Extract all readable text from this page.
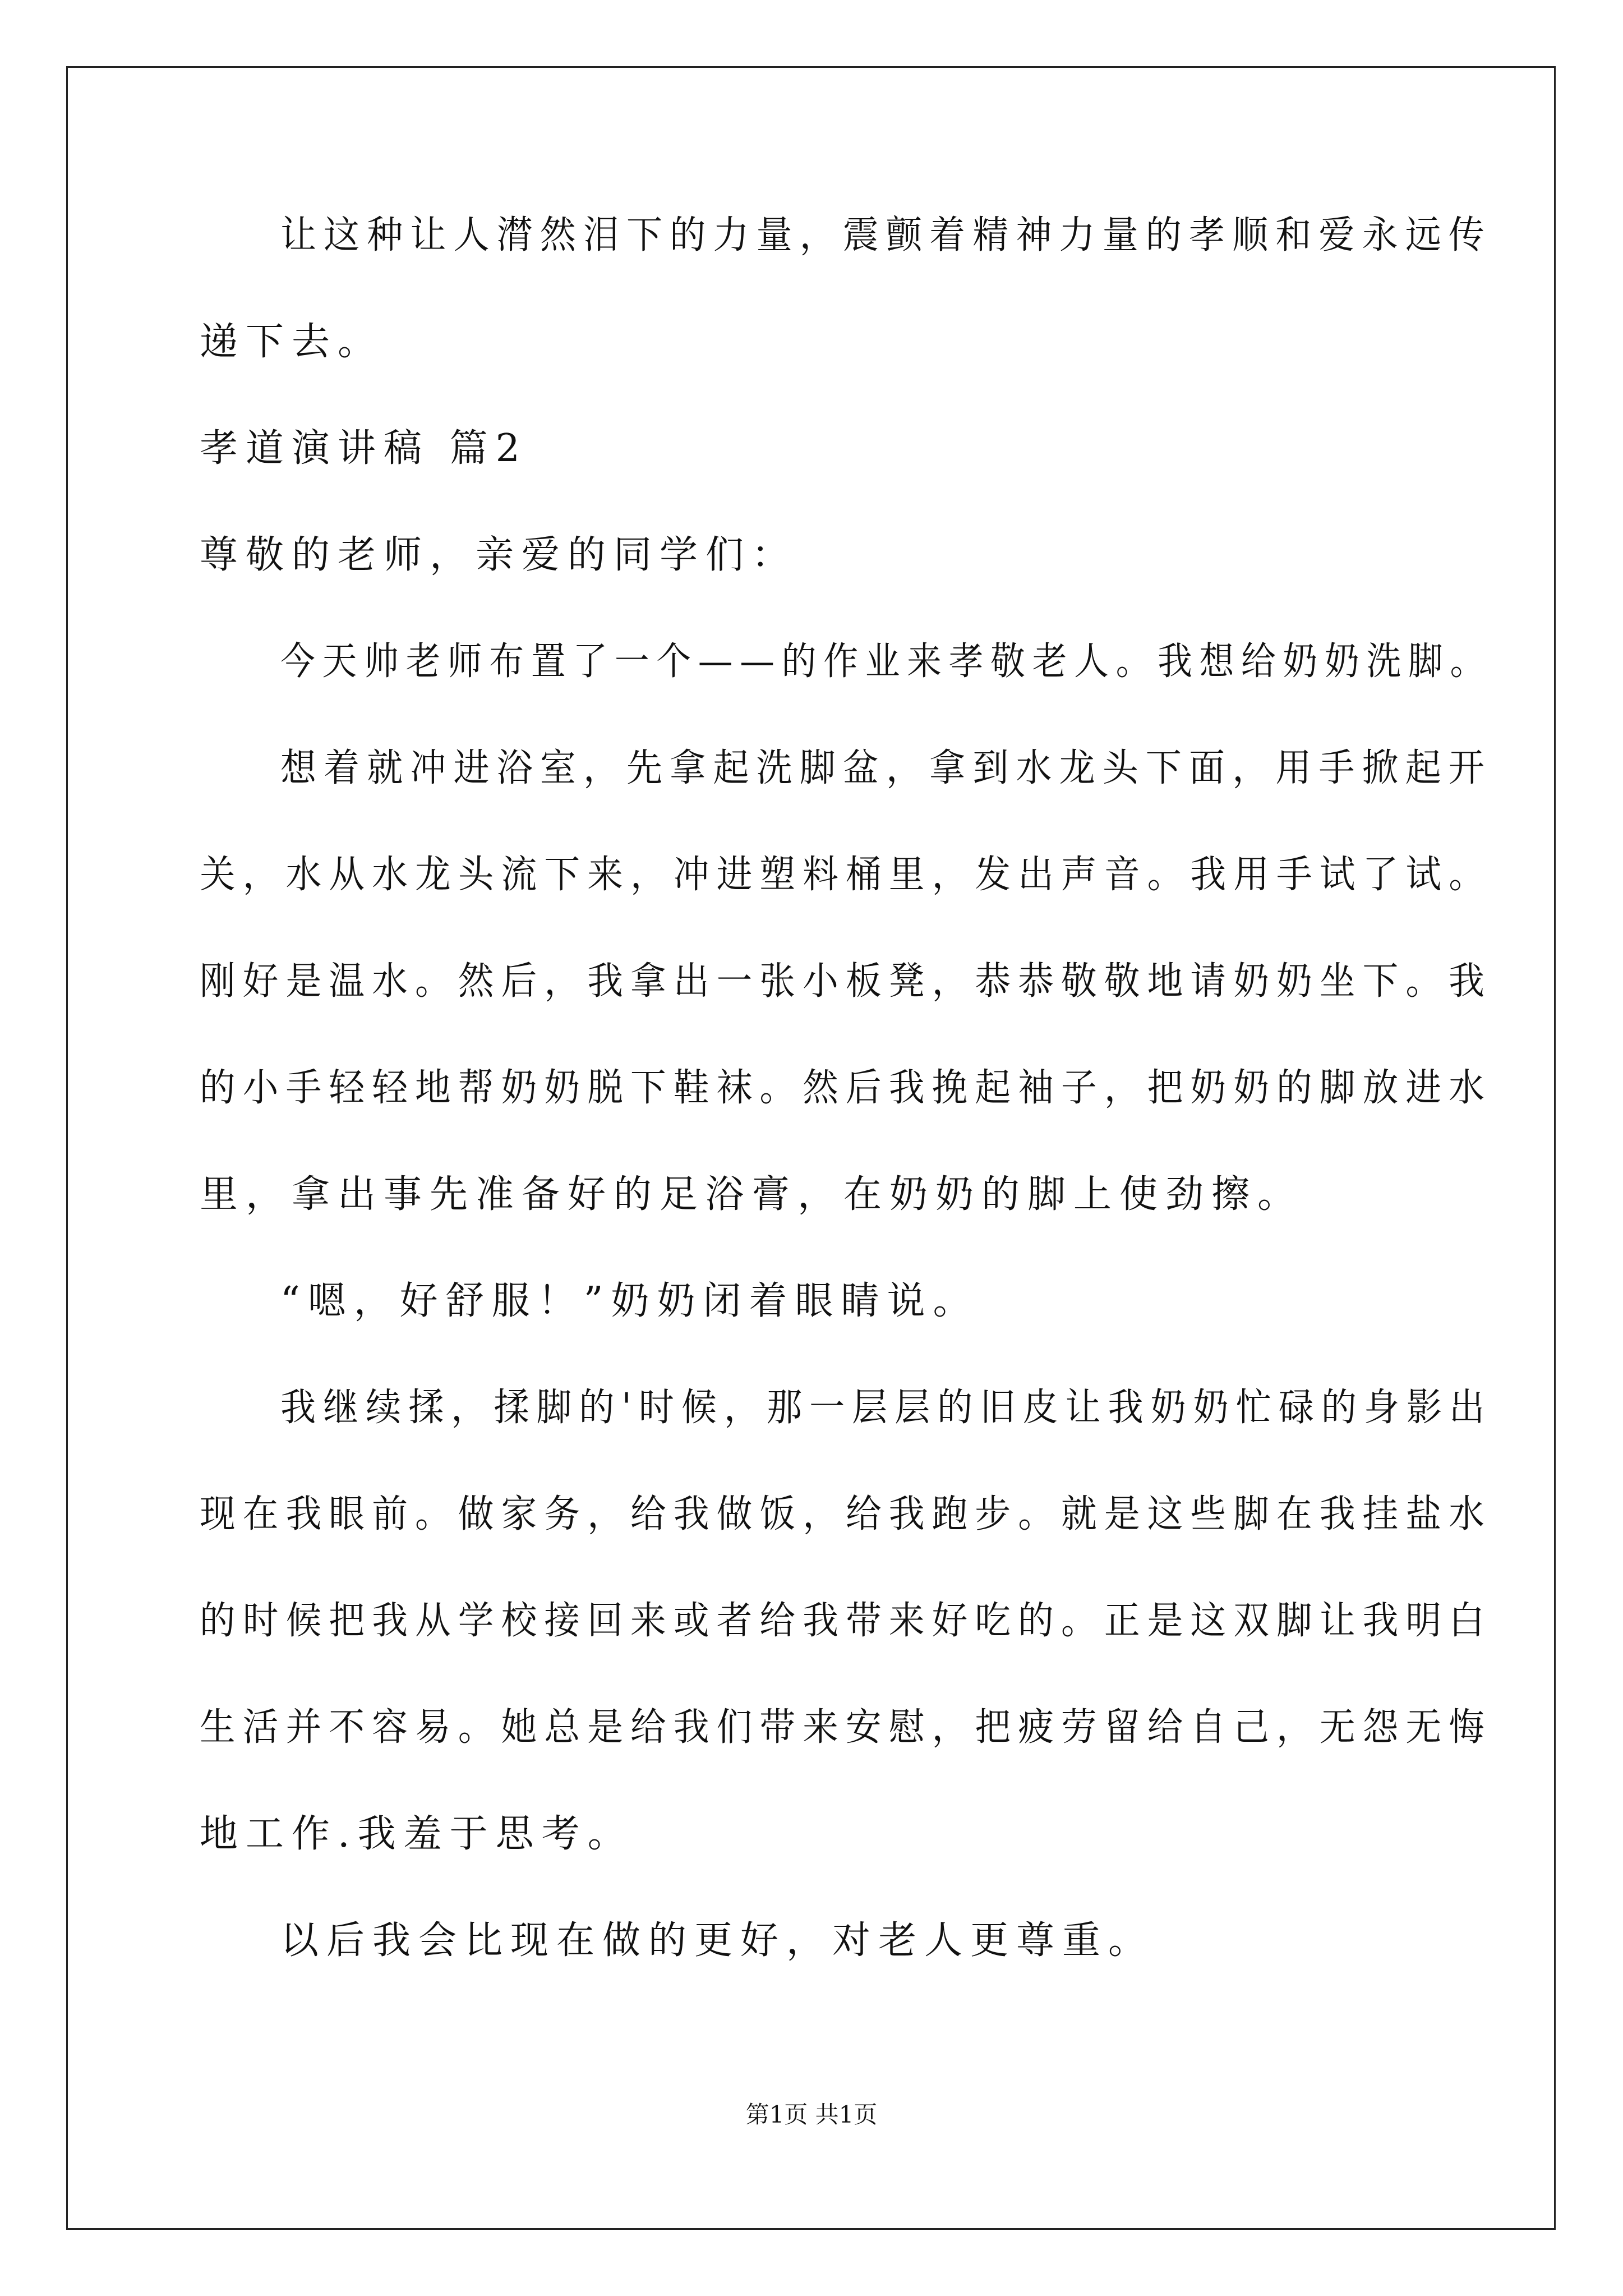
让这种让人潸然泪下的力量，震颤着精神力量的孝顺和爱永远传
递下去。
孝道演讲稿 篇2
尊敬的老师，亲爱的同学们：
今天帅老师布置了一个——的作业来孝敬老人。我想给奶奶洗脚。
想着就冲进浴室，先拿起洗脚盆，拿到水龙头下面，用手掀起开
关，水从水龙头流下来，冲进塑料桶里，发出声音。我用手试了试。
刚好是温水。然后，我拿出一张小板凳，恭恭敬敬地请奶奶坐下。我
的小手轻轻地帮奶奶脱下鞋袜。然后我挽起袖子，把奶奶的脚放进水
里，拿出事先准备好的足浴膏，在奶奶的脚上使劲擦。
“嗯，好舒服！”奶奶闭着眼睛说。
我继续揉，揉脚的'时候，那一层层的旧皮让我奶奶忙碌的身影出
现在我眼前。做家务，给我做饭，给我跑步。就是这些脚在我挂盐水
的时候把我从学校接回来或者给我带来好吃的。正是这双脚让我明白
生活并不容易。她总是给我们带来安慰，把疲劳留给自己，无怨无悔
地工作.我羞于思考。
以后我会比现在做的更好，对老人更尊重。
第1页 共1页
